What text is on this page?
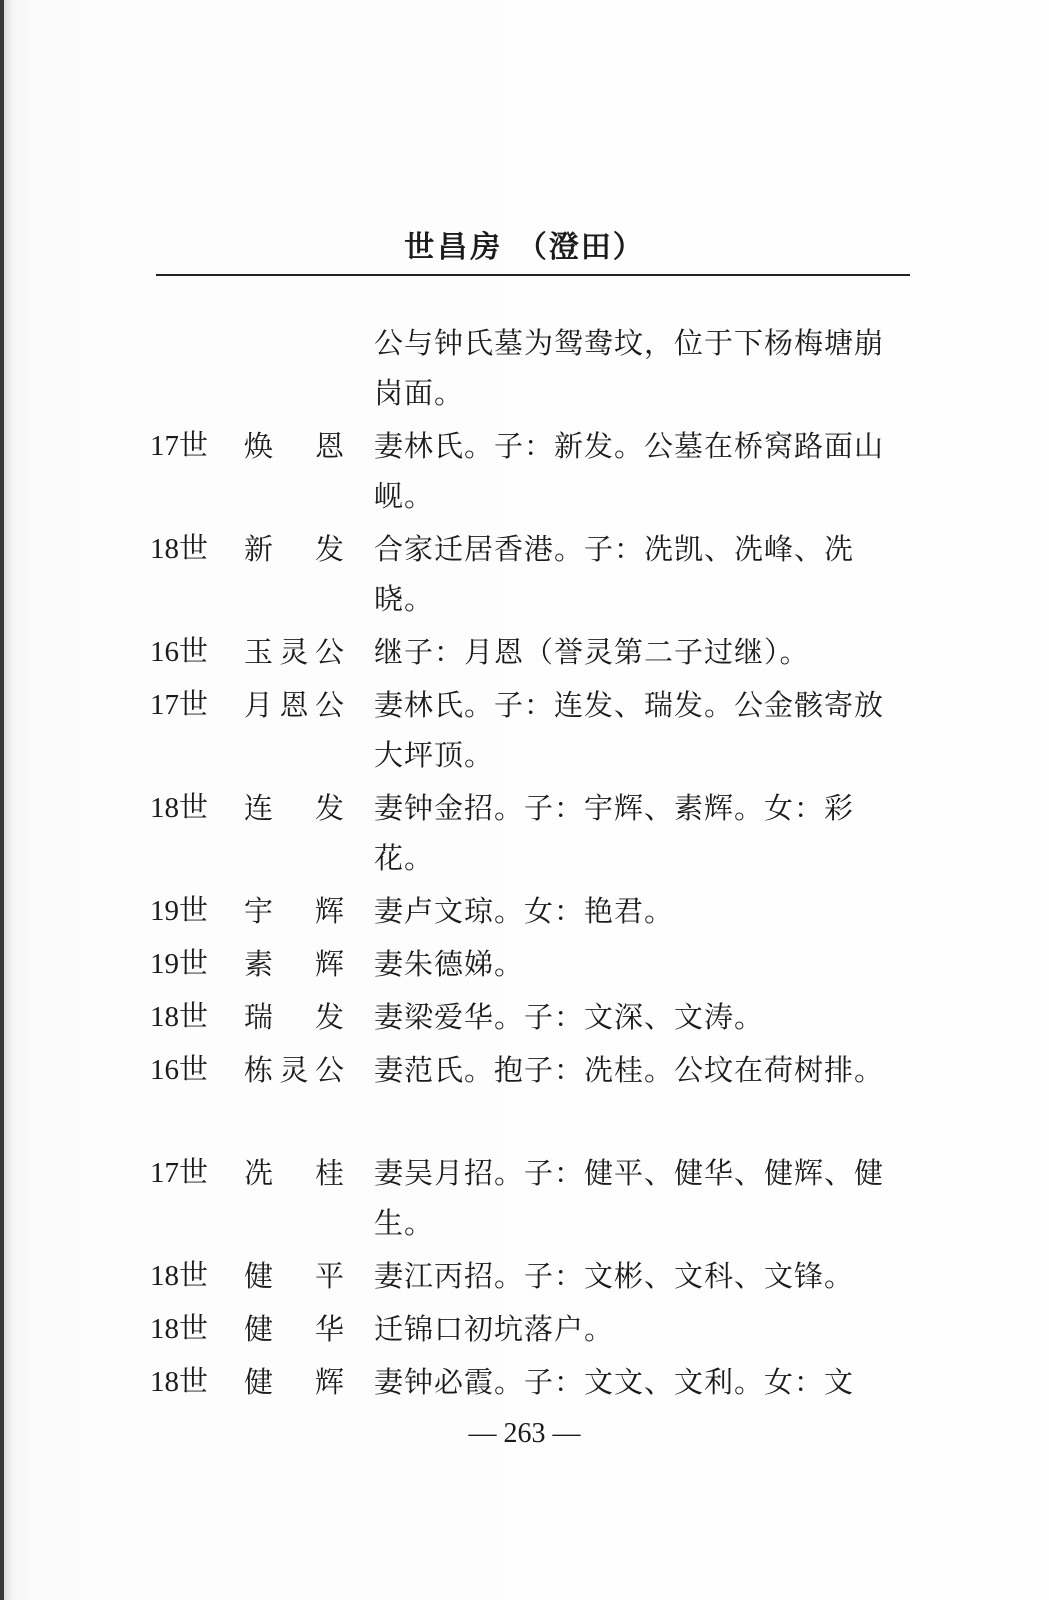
世昌房 （澄田）
公与钟氏墓为鸳鸯坟，位于下杨梅塘崩岗面。
17世 焕恩 妻林氏。子：新发。公墓在桥窝路面山岘。
18世 新发 合家迁居香港。子：冼凯、冼峰、冼晓。
16世 玉灵公 继子：月恩（誉灵第二子过继）。
17世 月恩公 妻林氏。子：连发、瑞发。公金骸寄放大坪顶。
18世 连发 妻钟金招。子：宇辉、素辉。女：彩花。
19世 宇辉 妻卢文琼。女：艳君。
19世 素辉 妻朱德娣。
18世 瑞发 妻梁爱华。子：文深、文涛。
16世 栋灵公 妻范氏。抱子：冼桂。公坟在荷树排。
17世 冼桂 妻吴月招。子：健平、健华、健辉、健生。
18世 健平 妻江丙招。子：文彬、文科、文锋。
18世 健华 迁锦口初坑落户。
18世 健辉 妻钟必霞。子：文文、文利。女：文
— 263 —
